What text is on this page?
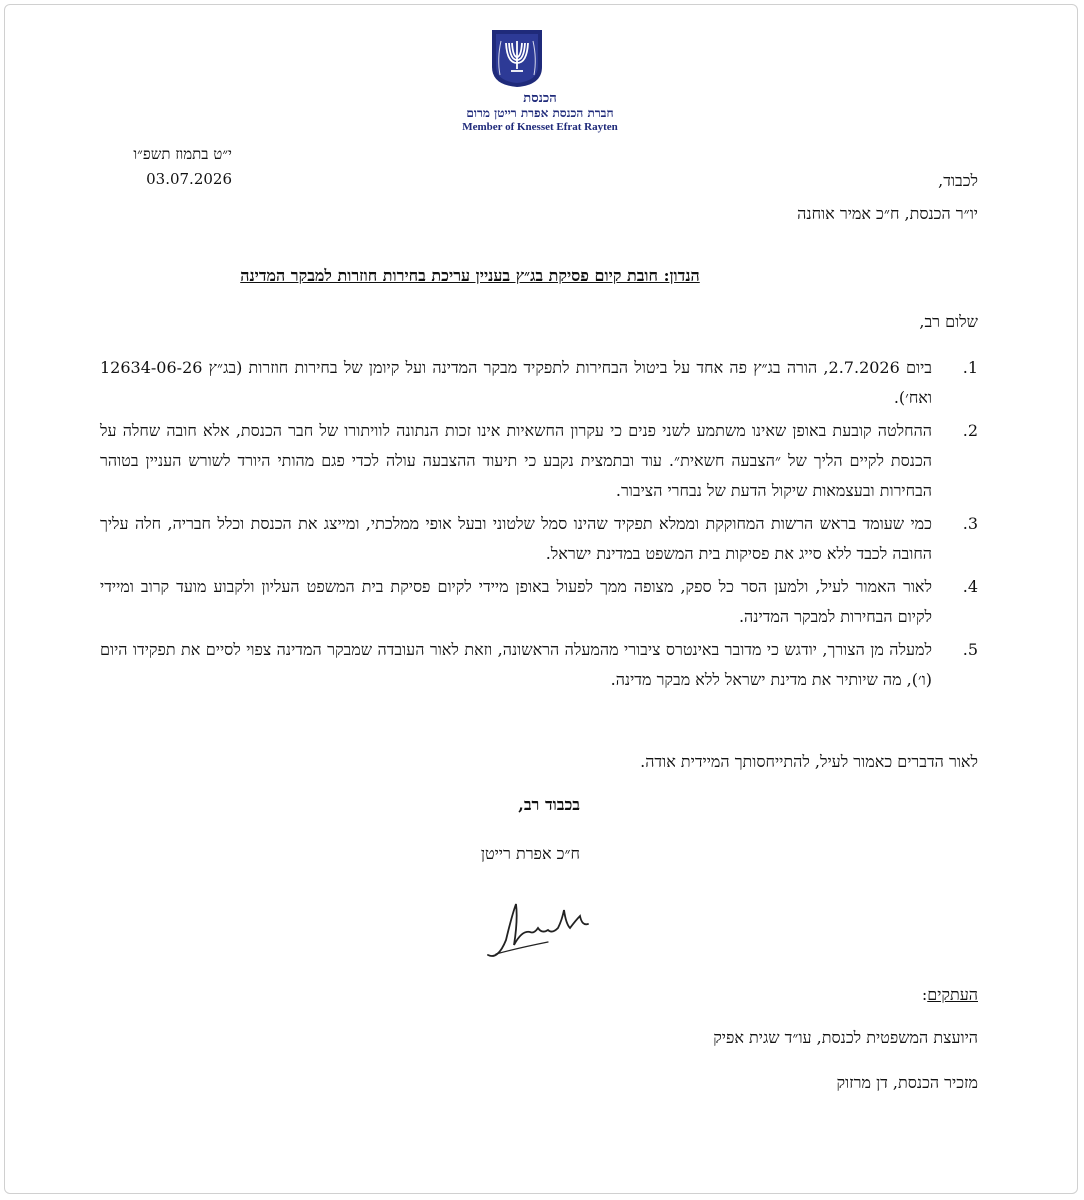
הכנסת
חברת הכנסת אפרת רייטן מרום
Member of Knesset Efrat Rayten
י״ט בתמוז תשפ״ו
03.07.2026	לכבוד,
יו״ר הכנסת, ח״כ אמיר אוחנה
הנדון: חובת קיום פסיקת בג״ץ בעניין עריכת בחירות חוזרות למבקר המדינה
שלום רב,
1.
ביום 2.7.2026, הורה בג״ץ פה אחד על ביטול הבחירות לתפקיד מבקר המדינה ועל קיומן של בחירות חוזרות (בג״ץ 12634-06-26 ואח׳).
2.
ההחלטה קובעת באופן שאינו משתמע לשני פנים כי עקרון החשאיות אינו זכות הנתונה לוויתורו של חבר הכנסת, אלא חובה שחלה על הכנסת לקיים הליך של ״הצבעה חשאית״. עוד ובתמצית נקבע כי תיעוד ההצבעה עולה לכדי פגם מהותי היורד לשורש העניין בטוהר הבחירות ובעצמאות שיקול הדעת של נבחרי הציבור.
3.
כמי שעומד בראש הרשות המחוקקת וממלא תפקיד שהינו סמל שלטוני ובעל אופי ממלכתי, ומייצג את הכנסת וכלל חבריה, חלה עליך החובה לכבד ללא סייג את פסיקות בית המשפט במדינת ישראל.
4.
לאור האמור לעיל, ולמען הסר כל ספק, מצופה ממך לפעול באופן מיידי לקיום פסיקת בית המשפט העליון ולקבוע מועד קרוב ומיידי לקיום הבחירות למבקר המדינה.
5.
למעלה מן הצורך, יודגש כי מדובר באינטרס ציבורי מהמעלה הראשונה, וזאת לאור העובדה שמבקר המדינה צפוי לסיים את תפקידו היום (ו׳), מה שיותיר את מדינת ישראל ללא מבקר מדינה.
לאור הדברים כאמור לעיל, להתייחסותך המיידית אודה.
בכבוד רב,
ח״כ אפרת רייטן
העתקים:
היועצת המשפטית לכנסת, עו״ד שגית אפיק
מזכיר הכנסת, דן מרזוק
